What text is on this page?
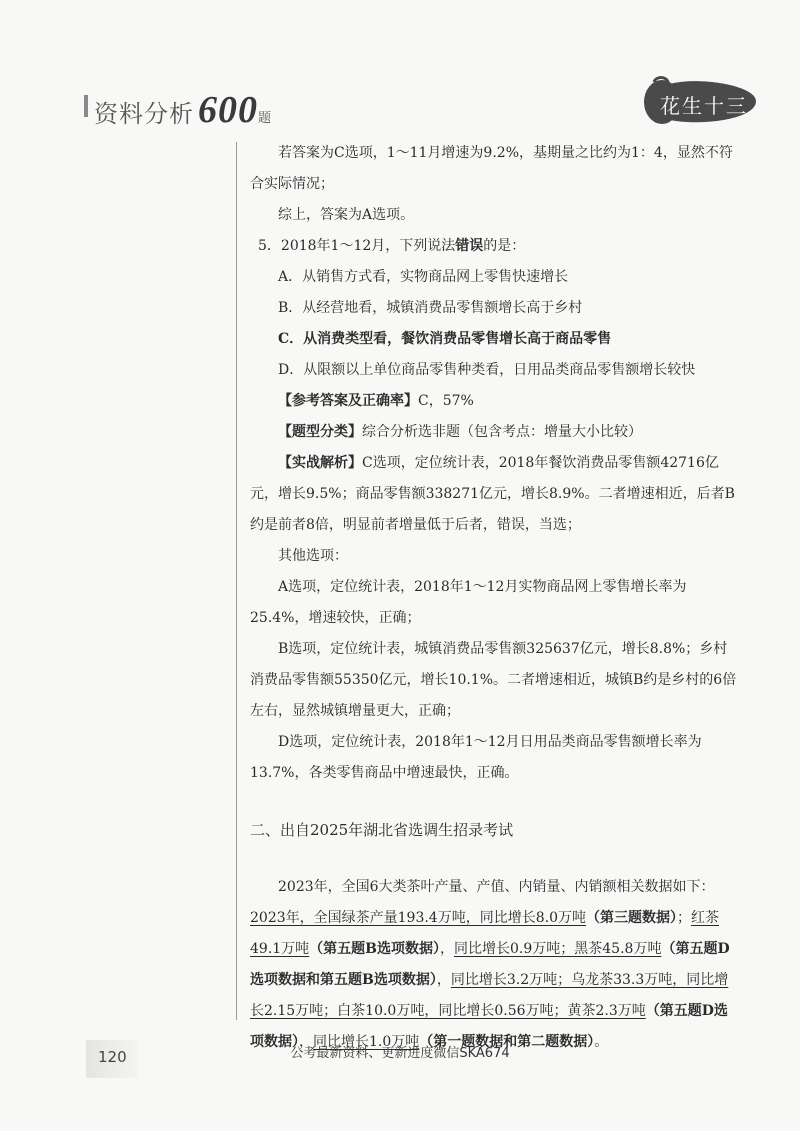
资料分析 600题
花生十三

若答案为C选项，1～11月增速为9.2%，基期量之比约为1：4，显然不符合实际情况；

综上，答案为A选项。

5．2018年1～12月，下列说法错误的是：

A．从销售方式看，实物商品网上零售快速增长

B．从经营地看，城镇消费品零售额增长高于乡村

C．从消费类型看，餐饮消费品零售增长高于商品零售

D．从限额以上单位商品零售种类看，日用品类商品零售额增长较快

【参考答案及正确率】C，57%

【题型分类】综合分析选非题（包含考点：增量大小比较）

【实战解析】C选项，定位统计表，2018年餐饮消费品零售额42716亿元，增长9.5%；商品零售额338271亿元，增长8.9%。二者增速相近，后者B约是前者8倍，明显前者增量低于后者，错误，当选；

其他选项：

A选项，定位统计表，2018年1～12月实物商品网上零售增长率为25.4%，增速较快，正确；

B选项，定位统计表，城镇消费品零售额325637亿元，增长8.8%；乡村消费品零售额55350亿元，增长10.1%。二者增速相近，城镇B约是乡村的6倍左右，显然城镇增量更大，正确；

D选项，定位统计表，2018年1～12月日用品类商品零售额增长率为13.7%，各类零售商品中增速最快，正确。

二、出自2025年湖北省选调生招录考试

2023年，全国6大类茶叶产量、产值、内销量、内销额相关数据如下：2023年，全国绿茶产量193.4万吨，同比增长8.0万吨（第三题数据）；红茶49.1万吨（第五题B选项数据），同比增长0.9万吨；黑茶45.8万吨（第五题D选项数据和第五题B选项数据），同比增长3.2万吨；乌龙茶33.3万吨，同比增长2.15万吨；白茶10.0万吨，同比增长0.56万吨；黄茶2.3万吨（第五题D选项数据），同比增长1.0万吨（第一题数据和第二题数据）。

120	公考最新资料、更新进度微信SKA674
